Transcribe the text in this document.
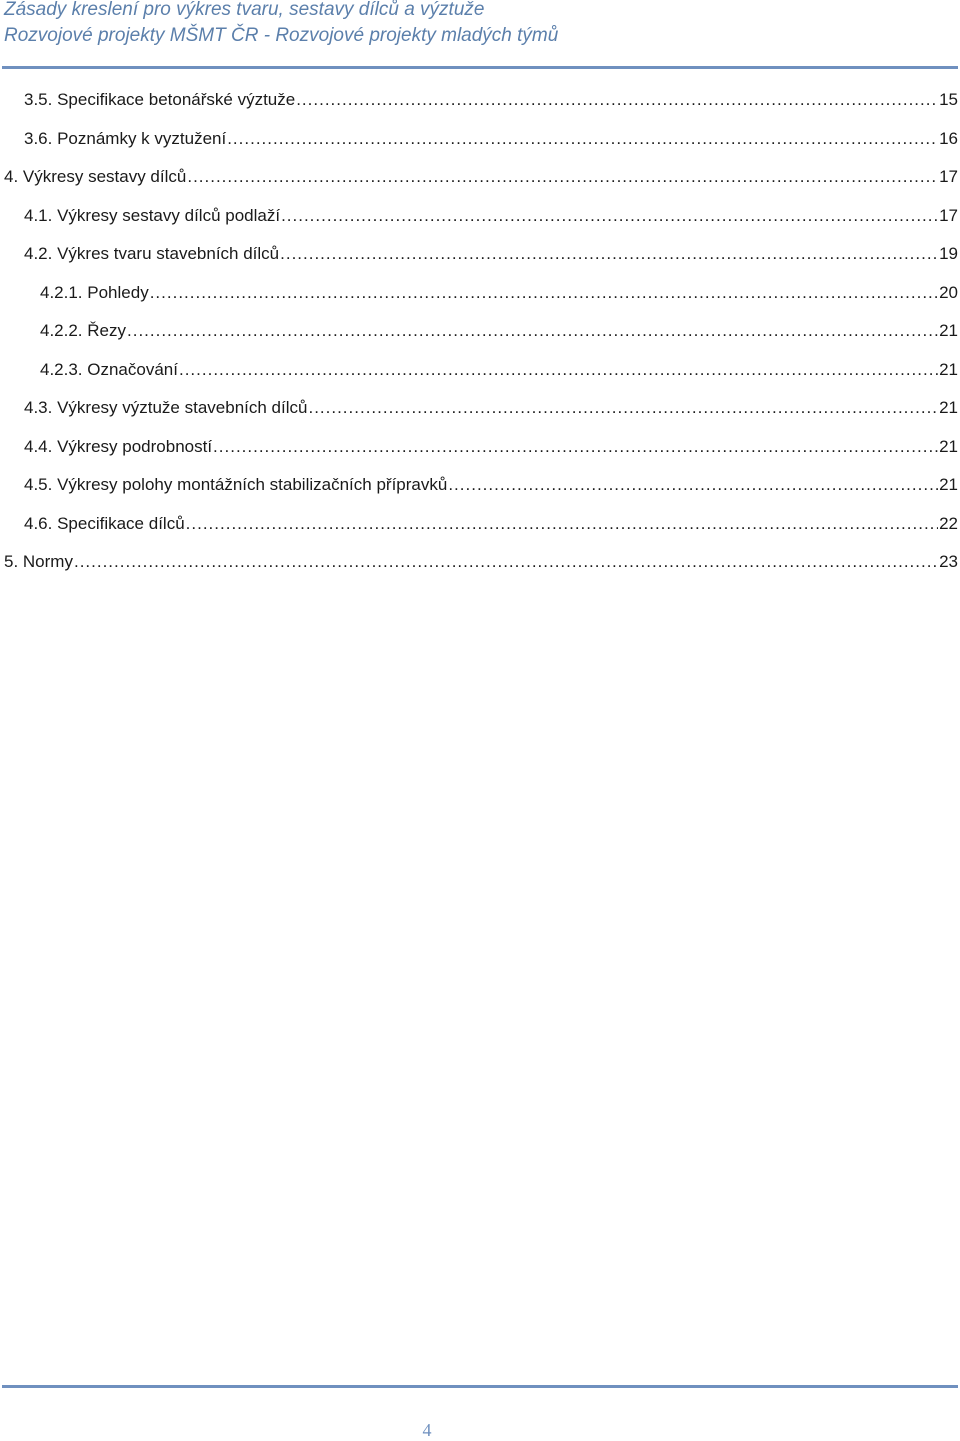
Zásady kreslení pro výkres tvaru, sestavy dílců a výztuže
Rozvojové projekty MŠMT ČR - Rozvojové projekty mladých týmů
3.5. Specifikace betonářské výztuže .....	15
3.6. Poznámky k vyztužení .....	16
4. Výkresy sestavy dílců .....	17
4.1. Výkresy sestavy dílců podlaží .....	17
4.2. Výkres tvaru stavebních dílců .....	19
4.2.1. Pohledy .....	20
4.2.2. Řezy .....	21
4.2.3. Označování .....	21
4.3. Výkresy výztuže stavebních dílců .....	21
4.4. Výkresy podrobností .....	21
4.5. Výkresy polohy montážních stabilizačních přípravků .....	21
4.6. Specifikace dílců .....	22
5. Normy .....	23
4
